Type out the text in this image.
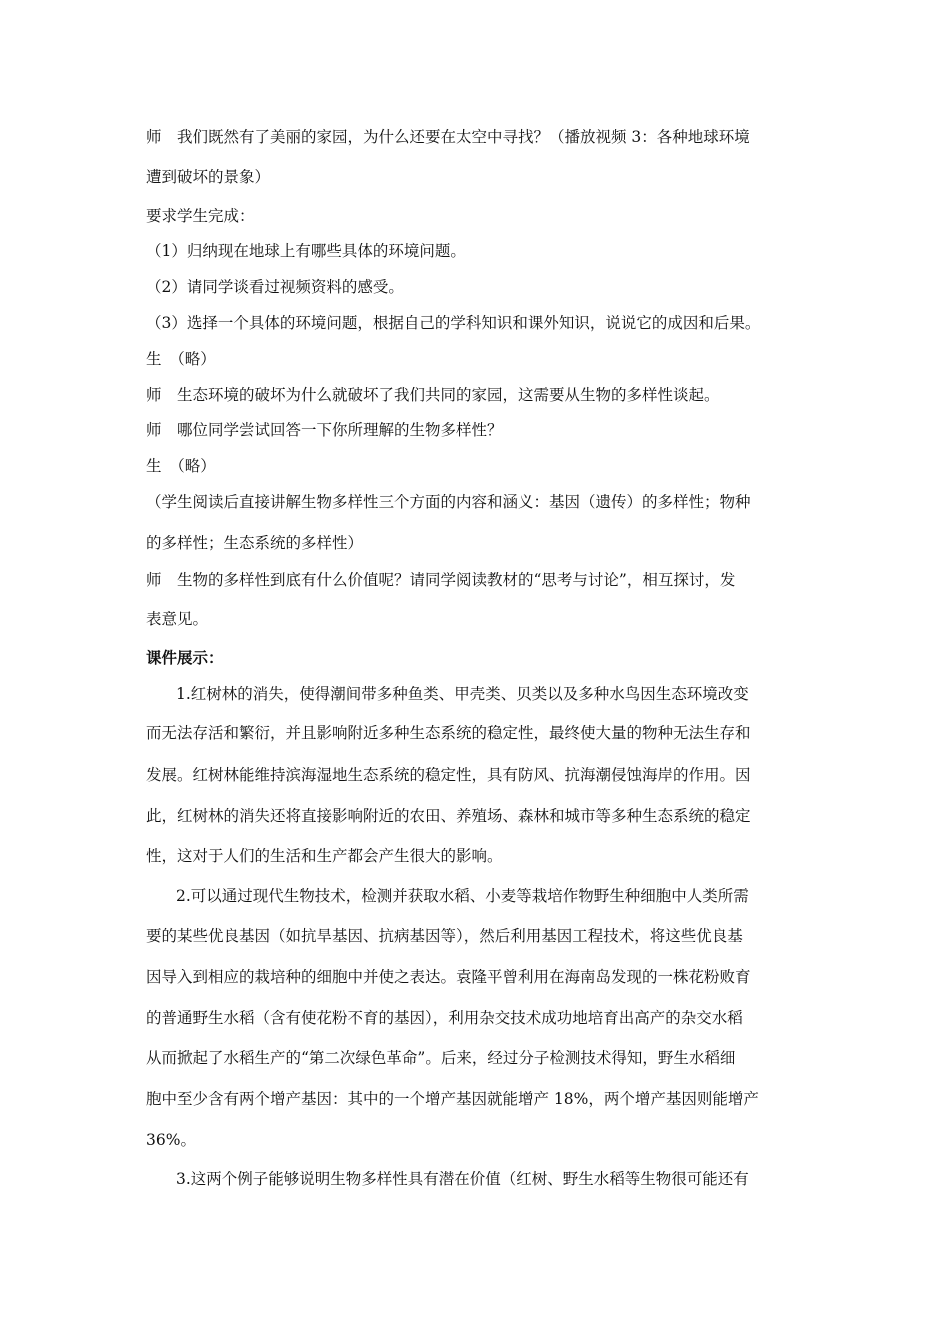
师　我们既然有了美丽的家园，为什么还要在太空中寻找？（播放视频 3：各种地球环境
遭到破坏的景象）
要求学生完成：
（1）归纳现在地球上有哪些具体的环境问题。
（2）请同学谈看过视频资料的感受。
（3）选择一个具体的环境问题，根据自己的学科知识和课外知识，说说它的成因和后果。
生　（略）
师　生态环境的破坏为什么就破坏了我们共同的家园，这需要从生物的多样性谈起。
师　哪位同学尝试回答一下你所理解的生物多样性？
生　（略）
（学生阅读后直接讲解生物多样性三个方面的内容和涵义：基因（遗传）的多样性；物种
的多样性；生态系统的多样性）
师　生物的多样性到底有什么价值呢？请同学阅读教材的“思考与讨论”，相互探讨，发
表意见。
课件展示：
1.红树林的消失，使得潮间带多种鱼类、甲壳类、贝类以及多种水鸟因生态环境改变
而无法存活和繁衍，并且影响附近多种生态系统的稳定性，最终使大量的物种无法生存和
发展。红树林能维持滨海湿地生态系统的稳定性，具有防风、抗海潮侵蚀海岸的作用。因
此，红树林的消失还将直接影响附近的农田、养殖场、森林和城市等多种生态系统的稳定
性，这对于人们的生活和生产都会产生很大的影响。
2.可以通过现代生物技术，检测并获取水稻、小麦等栽培作物野生种细胞中人类所需
要的某些优良基因（如抗旱基因、抗病基因等），然后利用基因工程技术，将这些优良基
因导入到相应的栽培种的细胞中并使之表达。袁隆平曾利用在海南岛发现的一株花粉败育
的普通野生水稻（含有使花粉不育的基因），利用杂交技术成功地培育出高产的杂交水稻
从而掀起了水稻生产的“第二次绿色革命”。后来，经过分子检测技术得知，野生水稻细
胞中至少含有两个增产基因：其中的一个增产基因就能增产 18%，两个增产基因则能增产
36%。
3.这两个例子能够说明生物多样性具有潜在价值（红树、野生水稻等生物很可能还有
